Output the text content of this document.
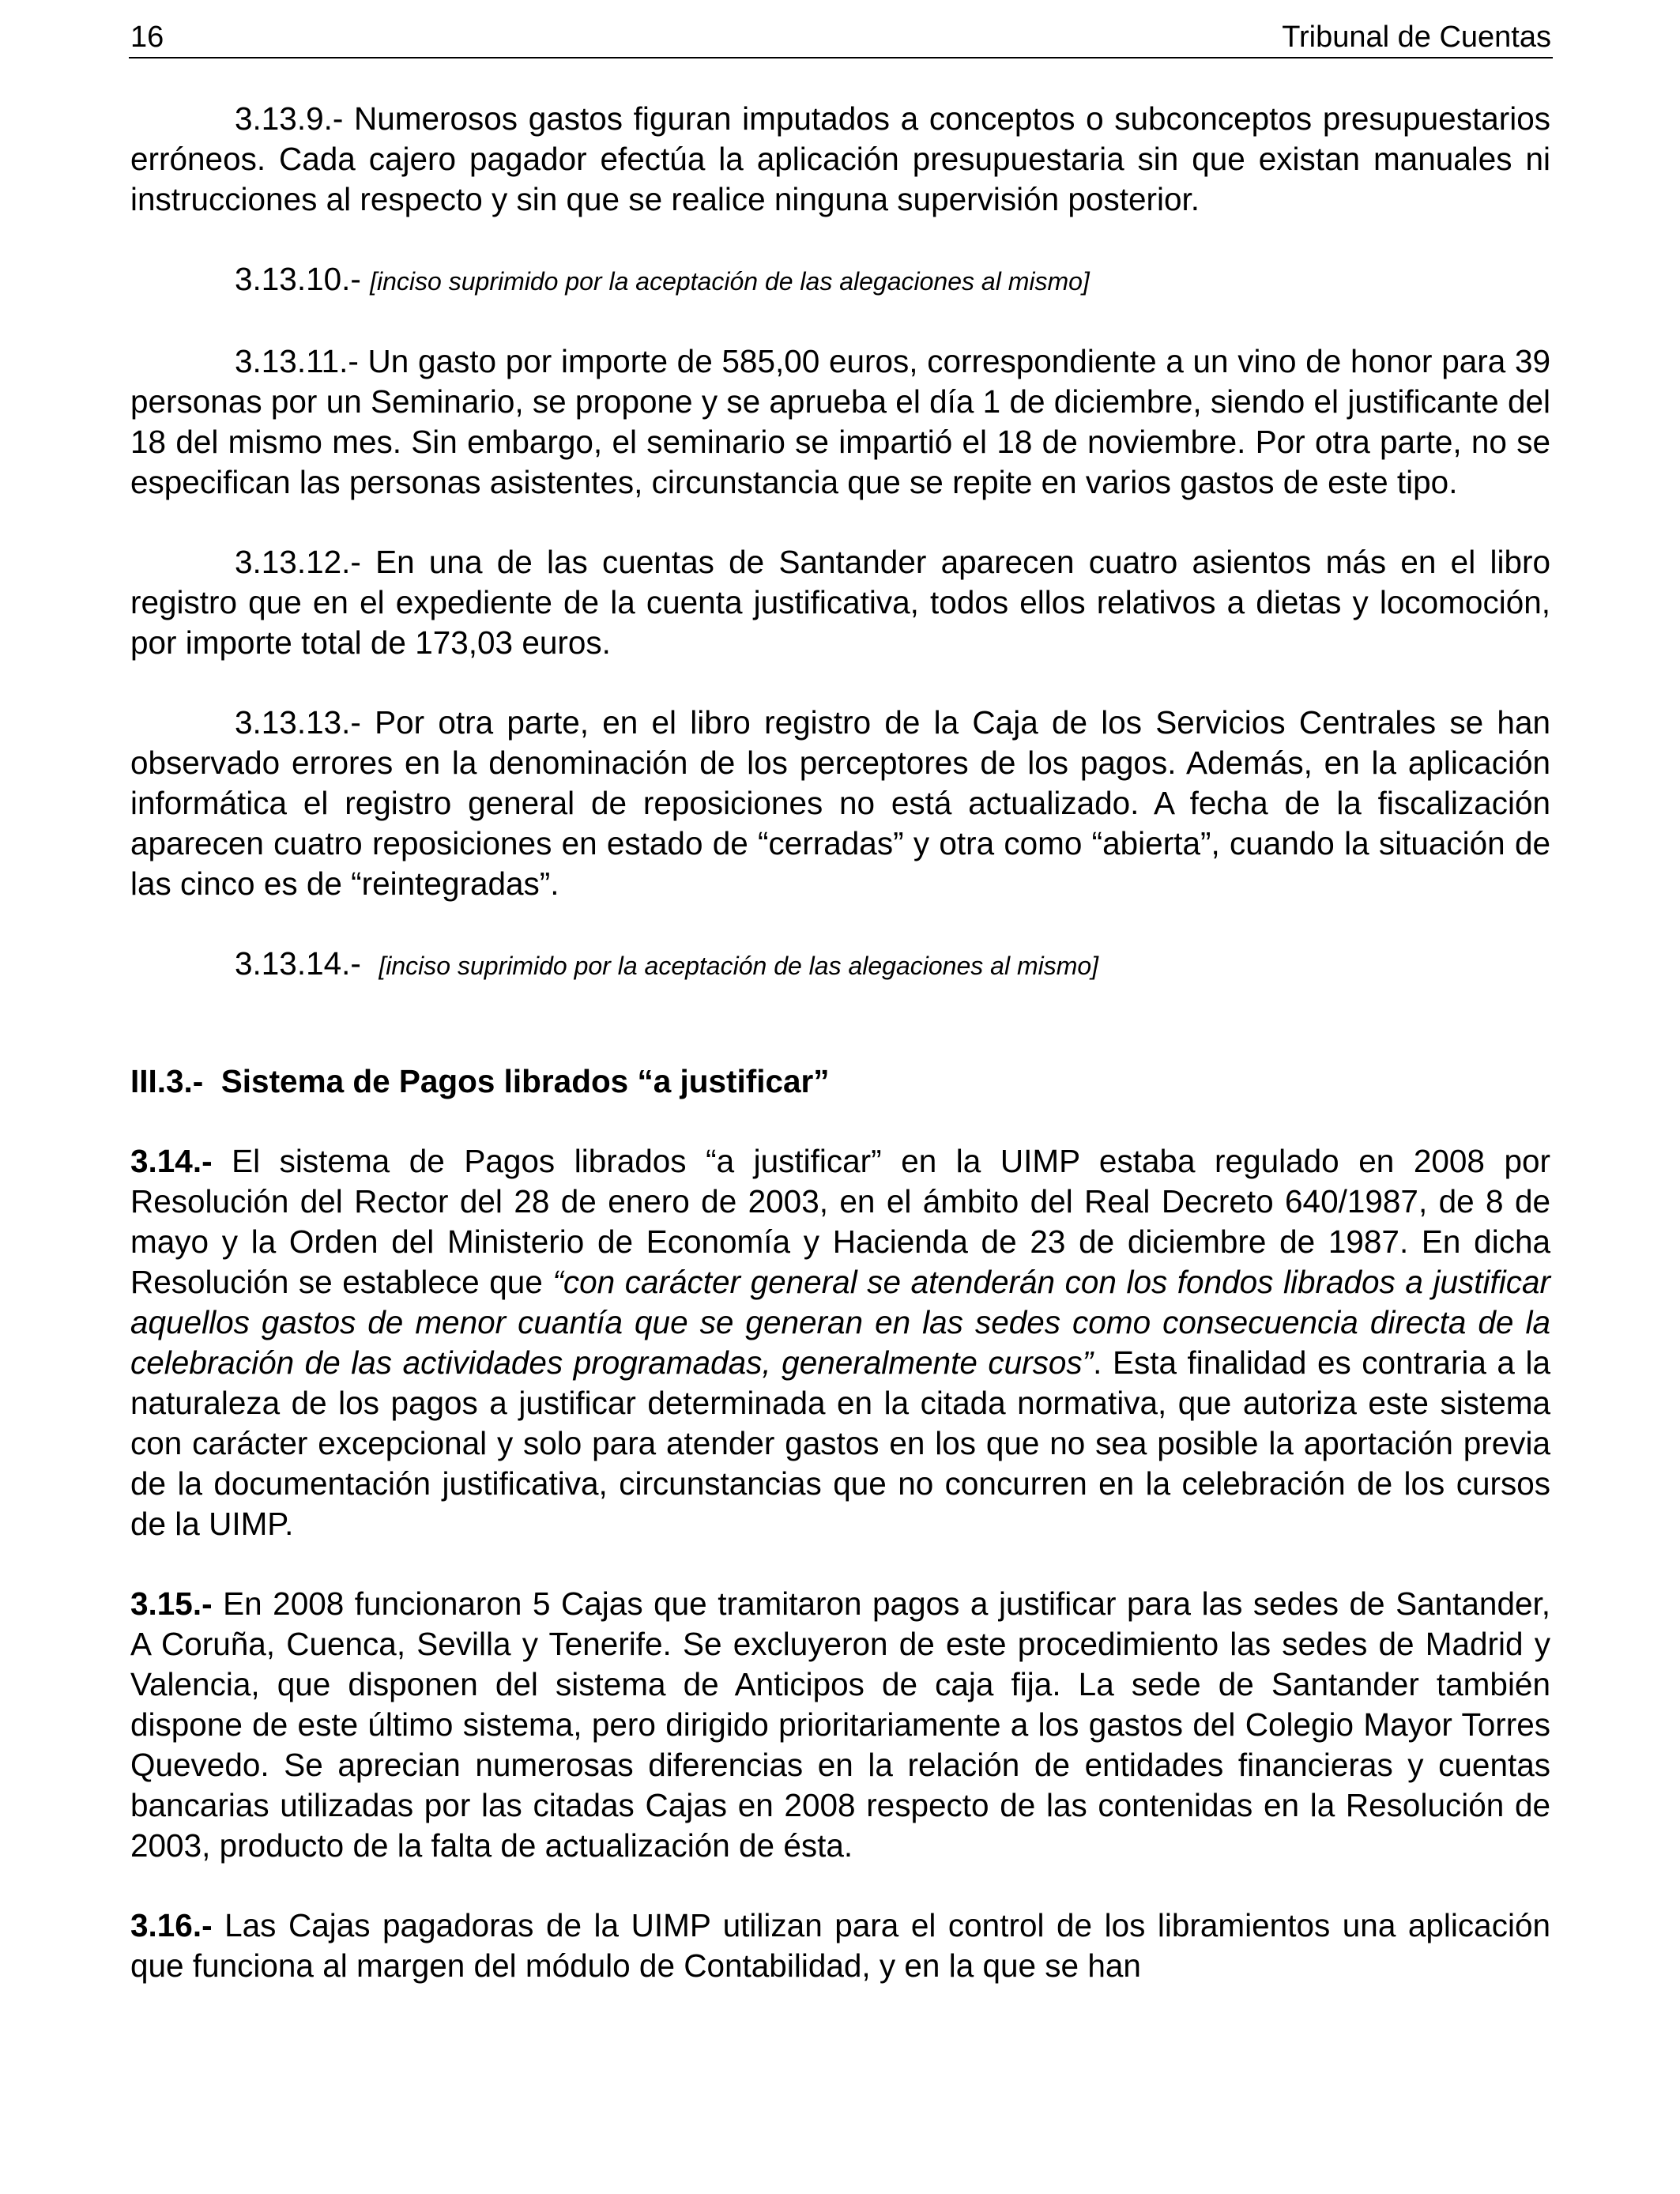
16	Tribunal de Cuentas

3.13.9.- Numerosos gastos figuran imputados a conceptos o subconceptos presupuestarios erróneos. Cada cajero pagador efectúa la aplicación presupuestaria sin que existan manuales ni instrucciones al respecto y sin que se realice ninguna supervisión posterior.

3.13.10.- [inciso suprimido por la aceptación de las alegaciones al mismo]

3.13.11.- Un gasto por importe de 585,00 euros, correspondiente a un vino de honor para 39 personas por un Seminario, se propone y se aprueba el día 1 de diciembre, siendo el justificante del 18 del mismo mes. Sin embargo, el seminario se impartió el 18 de noviembre. Por otra parte, no se especifican las personas asistentes, circunstancia que se repite en varios gastos de este tipo.

3.13.12.- En una de las cuentas de Santander aparecen cuatro asientos más en el libro registro que en el expediente de la cuenta justificativa, todos ellos relativos a dietas y locomoción, por importe total de 173,03 euros.

3.13.13.- Por otra parte, en el libro registro de la Caja de los Servicios Centrales se han observado errores en la denominación de los perceptores de los pagos. Además, en la aplicación informática el registro general de reposiciones no está actualizado. A fecha de la fiscalización aparecen cuatro reposiciones en estado de “cerradas” y otra como “abierta”, cuando la situación de las cinco es de “reintegradas”.

3.13.14.-  [inciso suprimido por la aceptación de las alegaciones al mismo]

III.3.-  Sistema de Pagos librados “a justificar”

3.14.- El sistema de Pagos librados “a justificar” en la UIMP estaba regulado en 2008 por Resolución del Rector del 28 de enero de 2003, en el ámbito del Real Decreto 640/1987, de 8 de mayo y la Orden del Ministerio de Economía y Hacienda de 23 de diciembre de 1987. En dicha Resolución se establece que “con carácter general se atenderán con los fondos librados a justificar aquellos gastos de menor cuantía que se generan en las sedes como consecuencia directa de la celebración de las actividades programadas, generalmente cursos”. Esta finalidad es contraria a la naturaleza de los pagos a justificar determinada en la citada normativa, que autoriza este sistema con carácter excepcional y solo para atender gastos en los que no sea posible la aportación previa de la documentación justificativa, circunstancias que no concurren en la celebración de los cursos de la UIMP.

3.15.- En 2008 funcionaron 5 Cajas que tramitaron pagos a justificar para las sedes de Santander, A Coruña, Cuenca, Sevilla y Tenerife. Se excluyeron de este procedimiento las sedes de Madrid y Valencia, que disponen del sistema de Anticipos de caja fija. La sede de Santander también dispone de este último sistema, pero dirigido prioritariamente a los gastos del Colegio Mayor Torres Quevedo. Se aprecian numerosas diferencias en la relación de entidades financieras y cuentas bancarias utilizadas por las citadas Cajas en 2008 respecto de las contenidas en la Resolución de 2003, producto de la falta de actualización de ésta.

3.16.- Las Cajas pagadoras de la UIMP utilizan para el control de los libramientos una aplicación que funciona al margen del módulo de Contabilidad, y en la que se han
